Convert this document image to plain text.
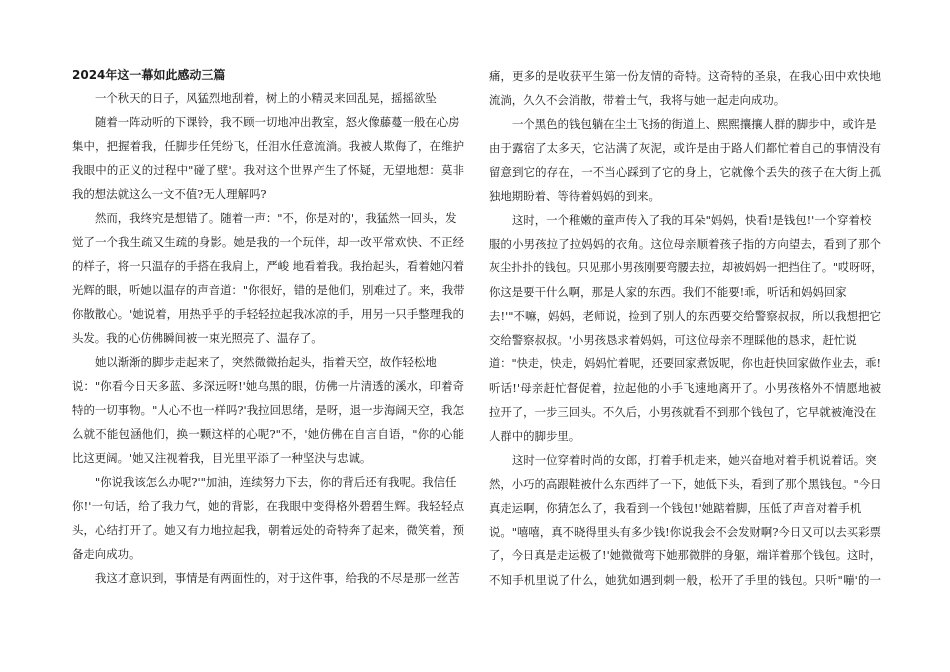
2024年这一幕如此感动三篇
一个秋天的日子，风猛烈地刮着，树上的小精灵来回乱晃，摇摇欲坠
随着一阵动听的下课铃，我不顾一切地冲出教室，怒火像藤蔓一般在心房
集中，把握着我，任脚步任凭纷飞，任泪水任意流淌。我被人欺侮了，在维护
我眼中的正义的过程中"碰了壁'。我对这个世界产生了怀疑，无望地想：莫非
我的想法就这么一文不值?无人理解吗?
然而，我终究是想错了。随着一声："不，你是对的'，我猛然一回头，发
觉了一个我生疏又生疏的身影。她是我的一个玩伴，却一改平常欢快、不正经
的样子，将一只温存的手搭在我肩上，严峻 地看着我。我抬起头，看着她闪着
光辉的眼，听她以温存的声音道："你很好，错的是他们，别难过了。来，我带
你散散心。'她说着，用热乎乎的手轻轻拉起我冰凉的手，用另一只手整理我的
头发。我的心仿佛瞬间被一束光照亮了、温存了。
她以渐渐的脚步走起来了，突然微微抬起头，指着天空，故作轻松地
说："你看今日天多蓝、多深远呀!'她乌黑的眼，仿佛一片清透的溪水，印着奇
特的一切事物。"人心不也一样吗?'我拉回思绪，是呀，退一步海阔天空，我怎
么就不能包涵他们，换一颗这样的心呢?"不，'她仿佛在自言自语，"你的心能
比这更阔。'她又注视着我，目光里平添了一种坚決与忠诚。
"你说我该怎么办呢?'"加油，连续努力下去，你的背后还有我呢。我信任
你!'一句话，给了我力气，她的背影，在我眼中变得格外碧碧生辉。我轻轻点
头，心结打开了。她又有力地拉起我，朝着远处的奇特奔了起来，微笑着，预
备走向成功。
我这才意识到，事情是有两面性的，对于这件事，给我的不尽是那一丝苦
痛，更多的是收获平生第一份友情的奇特。这奇特的圣泉，在我心田中欢快地
流淌，久久不会消散，带着士气，我将与她一起走向成功。
一个黑色的钱包躺在尘土飞扬的街道上、熙熙攘攘人群的脚步中，或许是
由于露宿了太多天，它沾满了灰泥，或许是由于路人们都忙着自己的事情没有
留意到它的存在，一不当心踩到了它的身上，它就像个丢失的孩子在大街上孤
独地期盼着、等待着妈妈的到来。
这时，一个稚嫩的童声传入了我的耳朵"妈妈，快看!是钱包!'一个穿着校
服的小男孩拉了拉妈妈的衣角。这位母亲顺着孩子指的方向望去，看到了那个
灰尘扑扑的钱包。只见那小男孩刚要弯腰去拉，却被妈妈一把挡住了。"哎呀呀，
你这是要干什么啊，那是人家的东西。我们不能要!乖，听话和妈妈回家
去!'"不嘛，妈妈，老师说，捡到了别人的东西要交给警察叔叔，所以我想把它
交给警察叔叔。'小男孩恳求着妈妈，可这位母亲不理睬他的恳求，赶忙说
道："快走，快走，妈妈忙着呢，还要回家煮饭呢，你也赶快回家做作业去，乖!
听话!'母亲赶忙督促着，拉起他的小手飞速地离开了。小男孩格外不情愿地被
拉开了，一步三回头。不久后，小男孩就看不到那个钱包了，它早就被淹没在
人群中的脚步里。
这时一位穿着时尚的女郎，打着手机走来，她兴奋地对着手机说着话。突
然，小巧的高跟鞋被什么东西绊了一下，她低下头，看到了那个黑钱包。"今日
真走运啊，你猜怎么了，我看到一个钱包!'她踮着脚，压低了声音对着手机
说。"嘻嘻，真不晓得里头有多少钱!你说我会不会发财啊?今日又可以去买彩票
了，今日真是走运极了!'她微微弯下她那微胖的身躯，端详着那个钱包。这时，
不知手机里说了什么，她犹如遇到刺一般，松开了手里的钱包。只听"嘣'的一
